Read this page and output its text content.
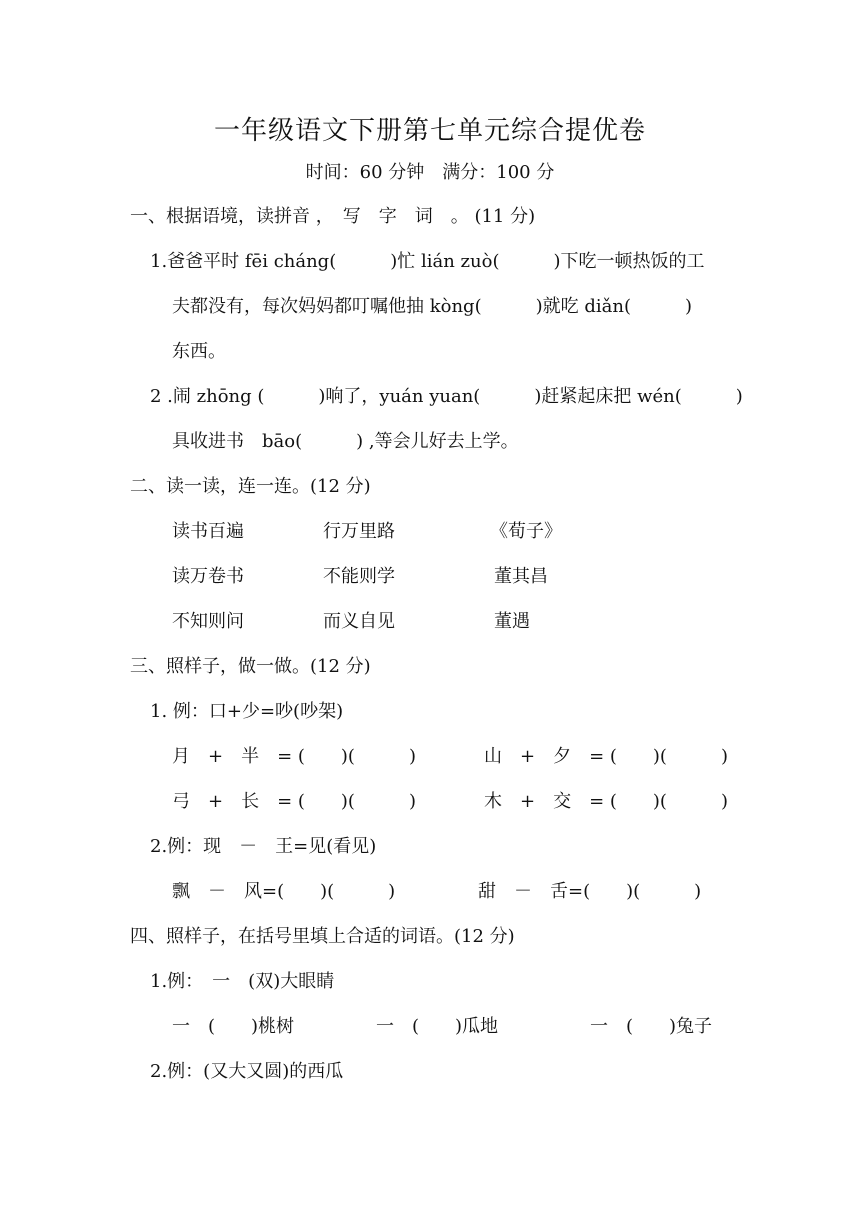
一年级语文下册第七单元综合提优卷
时间：60 分钟　满分：100 分
一、根据语境，读拼音 ，　写　字　词　。 (11 分)
1.爸爸平时 fēi cháng(　　　)忙 lián zuò(　　　)下吃一顿热饭的工
夫都没有，每次妈妈都叮嘱他抽 kòng(　　　)就吃 diǎn(　　　)
东西。
2 .闹 zhōng (　　　)响了，yuán yuan(　　　)赶紧起床把 wén(　　　)
具收进书　bāo(　　　) ,等会儿好去上学。
二、读一读，连一连。(12 分)
读书百遍	行万里路	《荀子》
读万卷书	不能则学	董其昌
不知则问	而义自见	董遇
三、照样子，做一做。(12 分)
1. 例：口+少=吵(吵架)
月　+　半　= (　　)(　　　)	山　+　夕　= (　　)(　　　)
弓　+　长　= (　　)(　　　)	木　+　交　= (　　)(　　　)
2.例：现　－　王=见(看见)
飘　－　风=(　　)(　　　)	甜　－　舌=(　　)(　　　)
四、照样子，在括号里填上合适的词语。(12 分)
1.例：　一　(双)大眼睛
一　(　　)桃树	一　(　　)瓜地	一　(　　)兔子
2.例：(又大又圆)的西瓜
